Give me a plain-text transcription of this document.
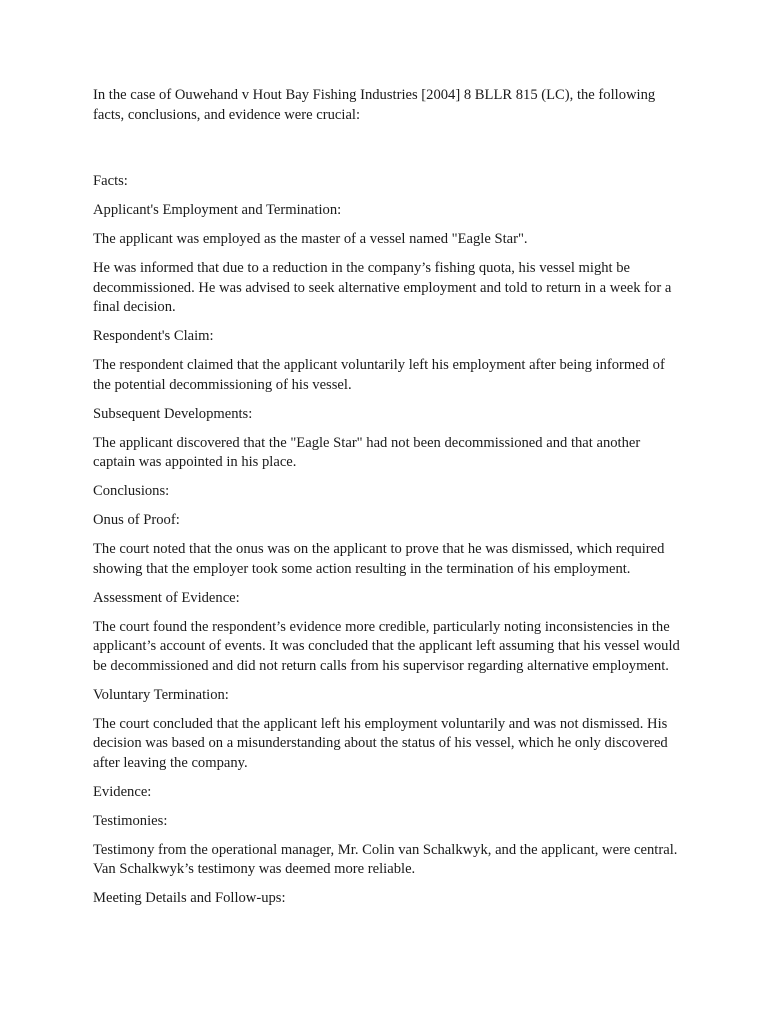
In the case of Ouwehand v Hout Bay Fishing Industries [2004] 8 BLLR 815 (LC), the following facts, conclusions, and evidence were crucial:

Facts:

Applicant's Employment and Termination:

The applicant was employed as the master of a vessel named "Eagle Star".

He was informed that due to a reduction in the company’s fishing quota, his vessel might be decommissioned. He was advised to seek alternative employment and told to return in a week for a final decision.

Respondent's Claim:

The respondent claimed that the applicant voluntarily left his employment after being informed of the potential decommissioning of his vessel.

Subsequent Developments:

The applicant discovered that the "Eagle Star" had not been decommissioned and that another captain was appointed in his place.

Conclusions:

Onus of Proof:

The court noted that the onus was on the applicant to prove that he was dismissed, which required showing that the employer took some action resulting in the termination of his employment.

Assessment of Evidence:

The court found the respondent’s evidence more credible, particularly noting inconsistencies in the applicant’s account of events. It was concluded that the applicant left assuming that his vessel would be decommissioned and did not return calls from his supervisor regarding alternative employment.

Voluntary Termination:

The court concluded that the applicant left his employment voluntarily and was not dismissed. His decision was based on a misunderstanding about the status of his vessel, which he only discovered after leaving the company.

Evidence:

Testimonies:

Testimony from the operational manager, Mr. Colin van Schalkwyk, and the applicant, were central. Van Schalkwyk’s testimony was deemed more reliable.

Meeting Details and Follow-ups:
